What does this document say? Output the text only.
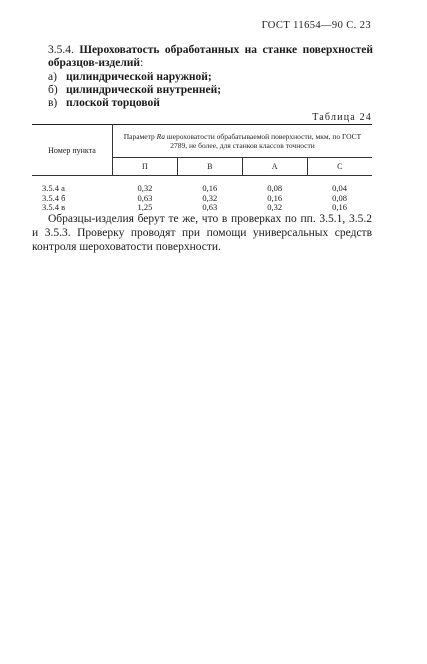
ГОСТ 11654—90 С. 23
3.5.4. Шероховатость обработанных на станке поверхностей образцов-изделий:
а) цилиндрической наружной;
б) цилиндрической внутренней;
в) плоской торцовой
Таблица 24
Номер пункта	Параметр Ra шероховатости обрабатываемой поверхности, мкм, по ГОСТ 2789, не более, для станков классов точности			
	П	В	А	С
3.5.4 а	0,32	0,16	0,08	0,04
3.5.4 б	0,63	0,32	0,16	0,08
3.5.4 в	1,25	0,63	0,32	0,16
Образцы-изделия берут те же, что в проверках по пп. 3.5.1, 3.5.2 и 3.5.3. Проверку проводят при помощи универсальных средств контроля шероховатости поверхности.
